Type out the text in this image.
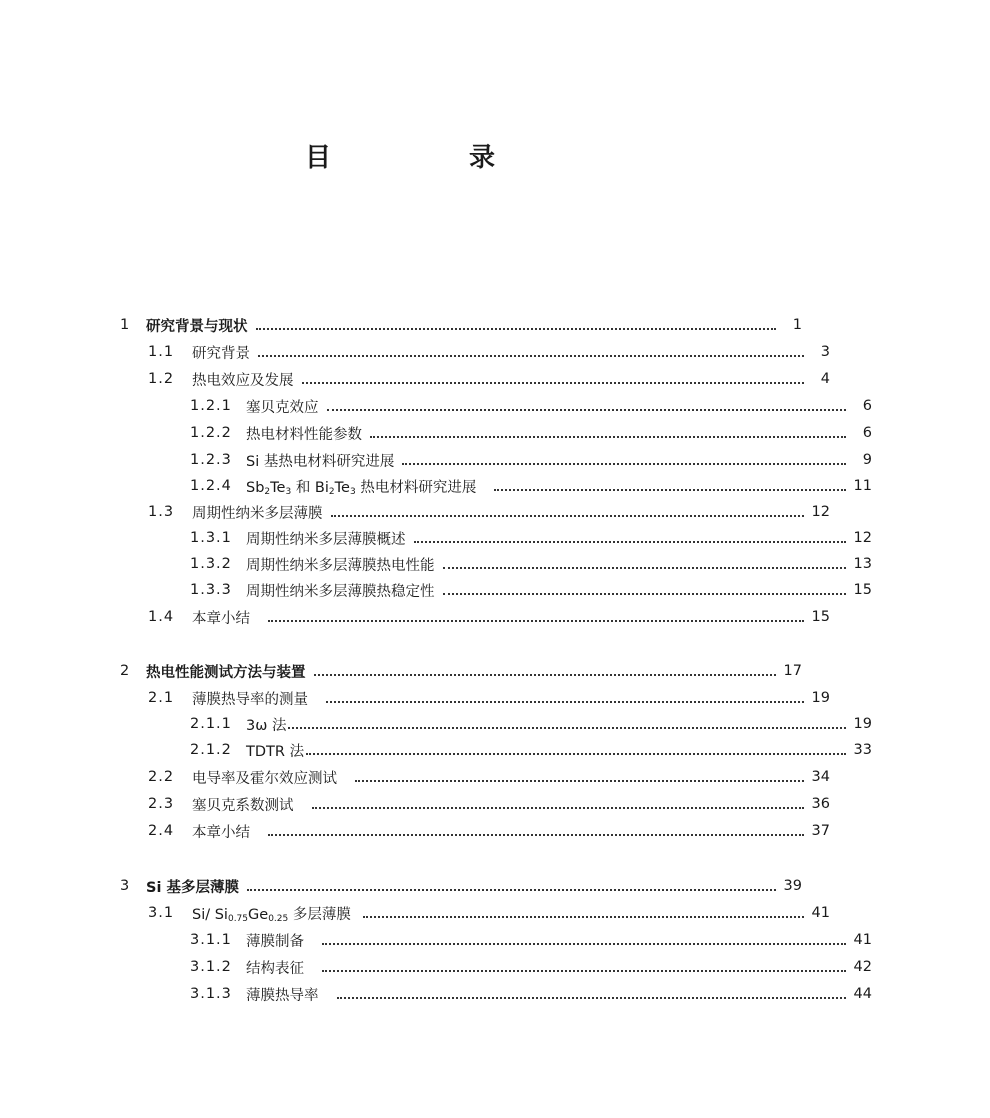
目　录
1	研究背景与现状	1
1.1	研究背景	3
1.2	热电效应及发展	4
1.2.1 塞贝克效应	6
1.2.2 热电材料性能参数	6
1.2.3 Si 基热电材料研究进展	9
1.2.4 $Sb_2Te_3$ 和 $Bi_2Te_3$ 热电材料研究进展	11
1.3	周期性纳米多层薄膜	12
1.3.1 周期性纳米多层薄膜概述	12
1.3.2 周期性纳米多层薄膜热电性能	13
1.3.3 周期性纳米多层薄膜热稳定性	15
1.4	本章小结	15
2	热电性能测试方法与装置	17
2.1	薄膜热导率的测量	19
2.1.1 3ω 法	19
2.1.2 TDTR 法	33
2.2	电导率及霍尔效应测试	34
2.3	塞贝克系数测试	36
2.4	本章小结	37
3	Si 基多层薄膜	39
3.1	Si/ $Si_{0.75}Ge_{0.25}$ 多层薄膜	41
3.1.1 薄膜制备	41
3.1.2 结构表征	42
3.1.3 薄膜热导率	44
